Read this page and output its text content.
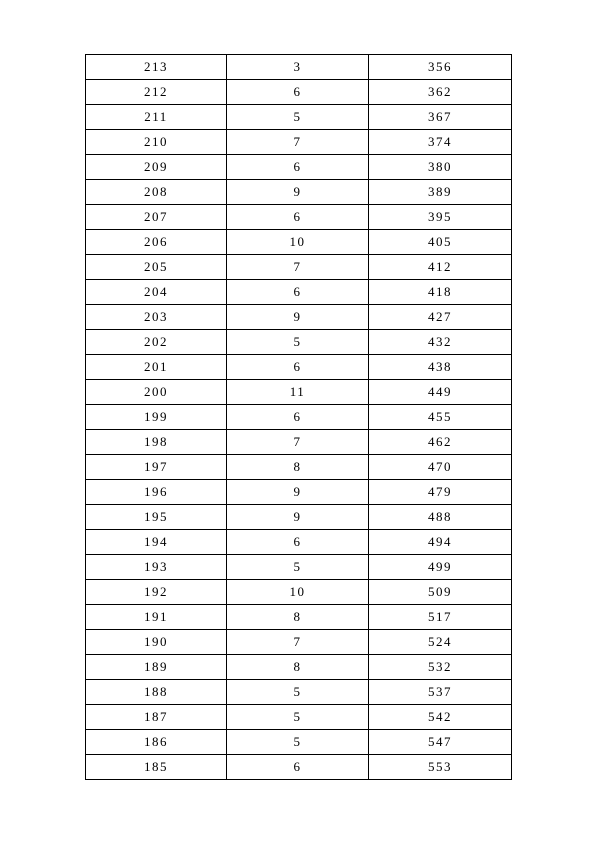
213	3	356
212	6	362
211	5	367
210	7	374
209	6	380
208	9	389
207	6	395
206	10	405
205	7	412
204	6	418
203	9	427
202	5	432
201	6	438
200	11	449
199	6	455
198	7	462
197	8	470
196	9	479
195	9	488
194	6	494
193	5	499
192	10	509
191	8	517
190	7	524
189	8	532
188	5	537
187	5	542
186	5	547
185	6	553
